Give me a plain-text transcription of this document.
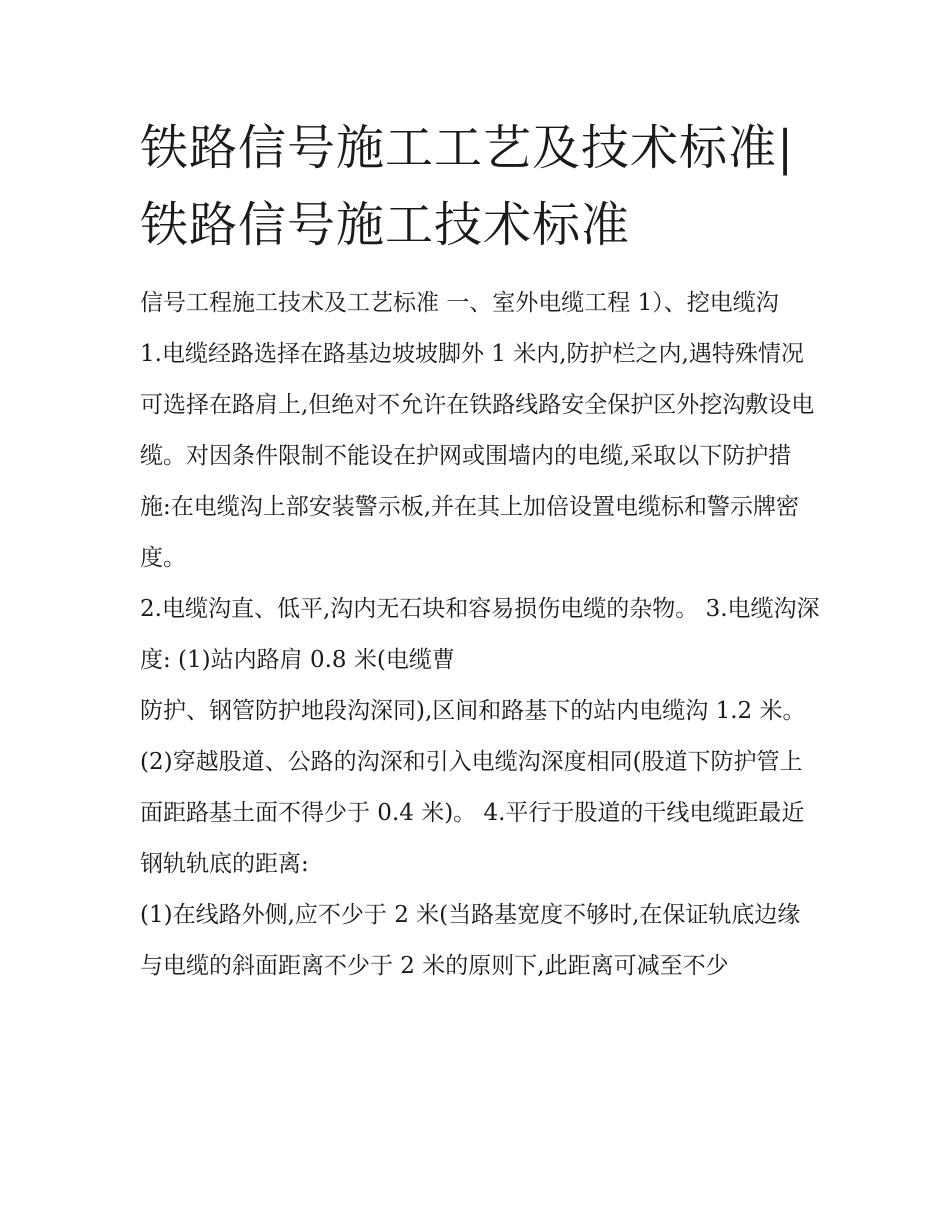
铁路信号施工工艺及技术标准|
铁路信号施工技术标准

信号工程施工技术及工艺标准 一、室外电缆工程 1）、挖电缆沟

1.电缆经路选择在路基边坡坡脚外 1 米内,防护栏之内,遇特殊情况可选择在路肩上,但绝对不允许在铁路线路安全保护区外挖沟敷设电缆。对因条件限制不能设在护网或围墙内的电缆,采取以下防护措施:在电缆沟上部安装警示板,并在其上加倍设置电缆标和警示牌密度。

2.电缆沟直、低平,沟内无石块和容易损伤电缆的杂物。 3.电缆沟深度: (1)站内路肩 0.8 米(电缆曹

防护、钢管防护地段沟深同),区间和路基下的站内电缆沟 1.2 米。

(2)穿越股道、公路的沟深和引入电缆沟深度相同(股道下防护管上面距路基土面不得少于 0.4 米)。 4.平行于股道的干线电缆距最近钢轨轨底的距离:

(1)在线路外侧,应不少于 2 米(当路基宽度不够时,在保证轨底边缘与电缆的斜面距离不少于 2 米的原则下,此距离可减至不少
